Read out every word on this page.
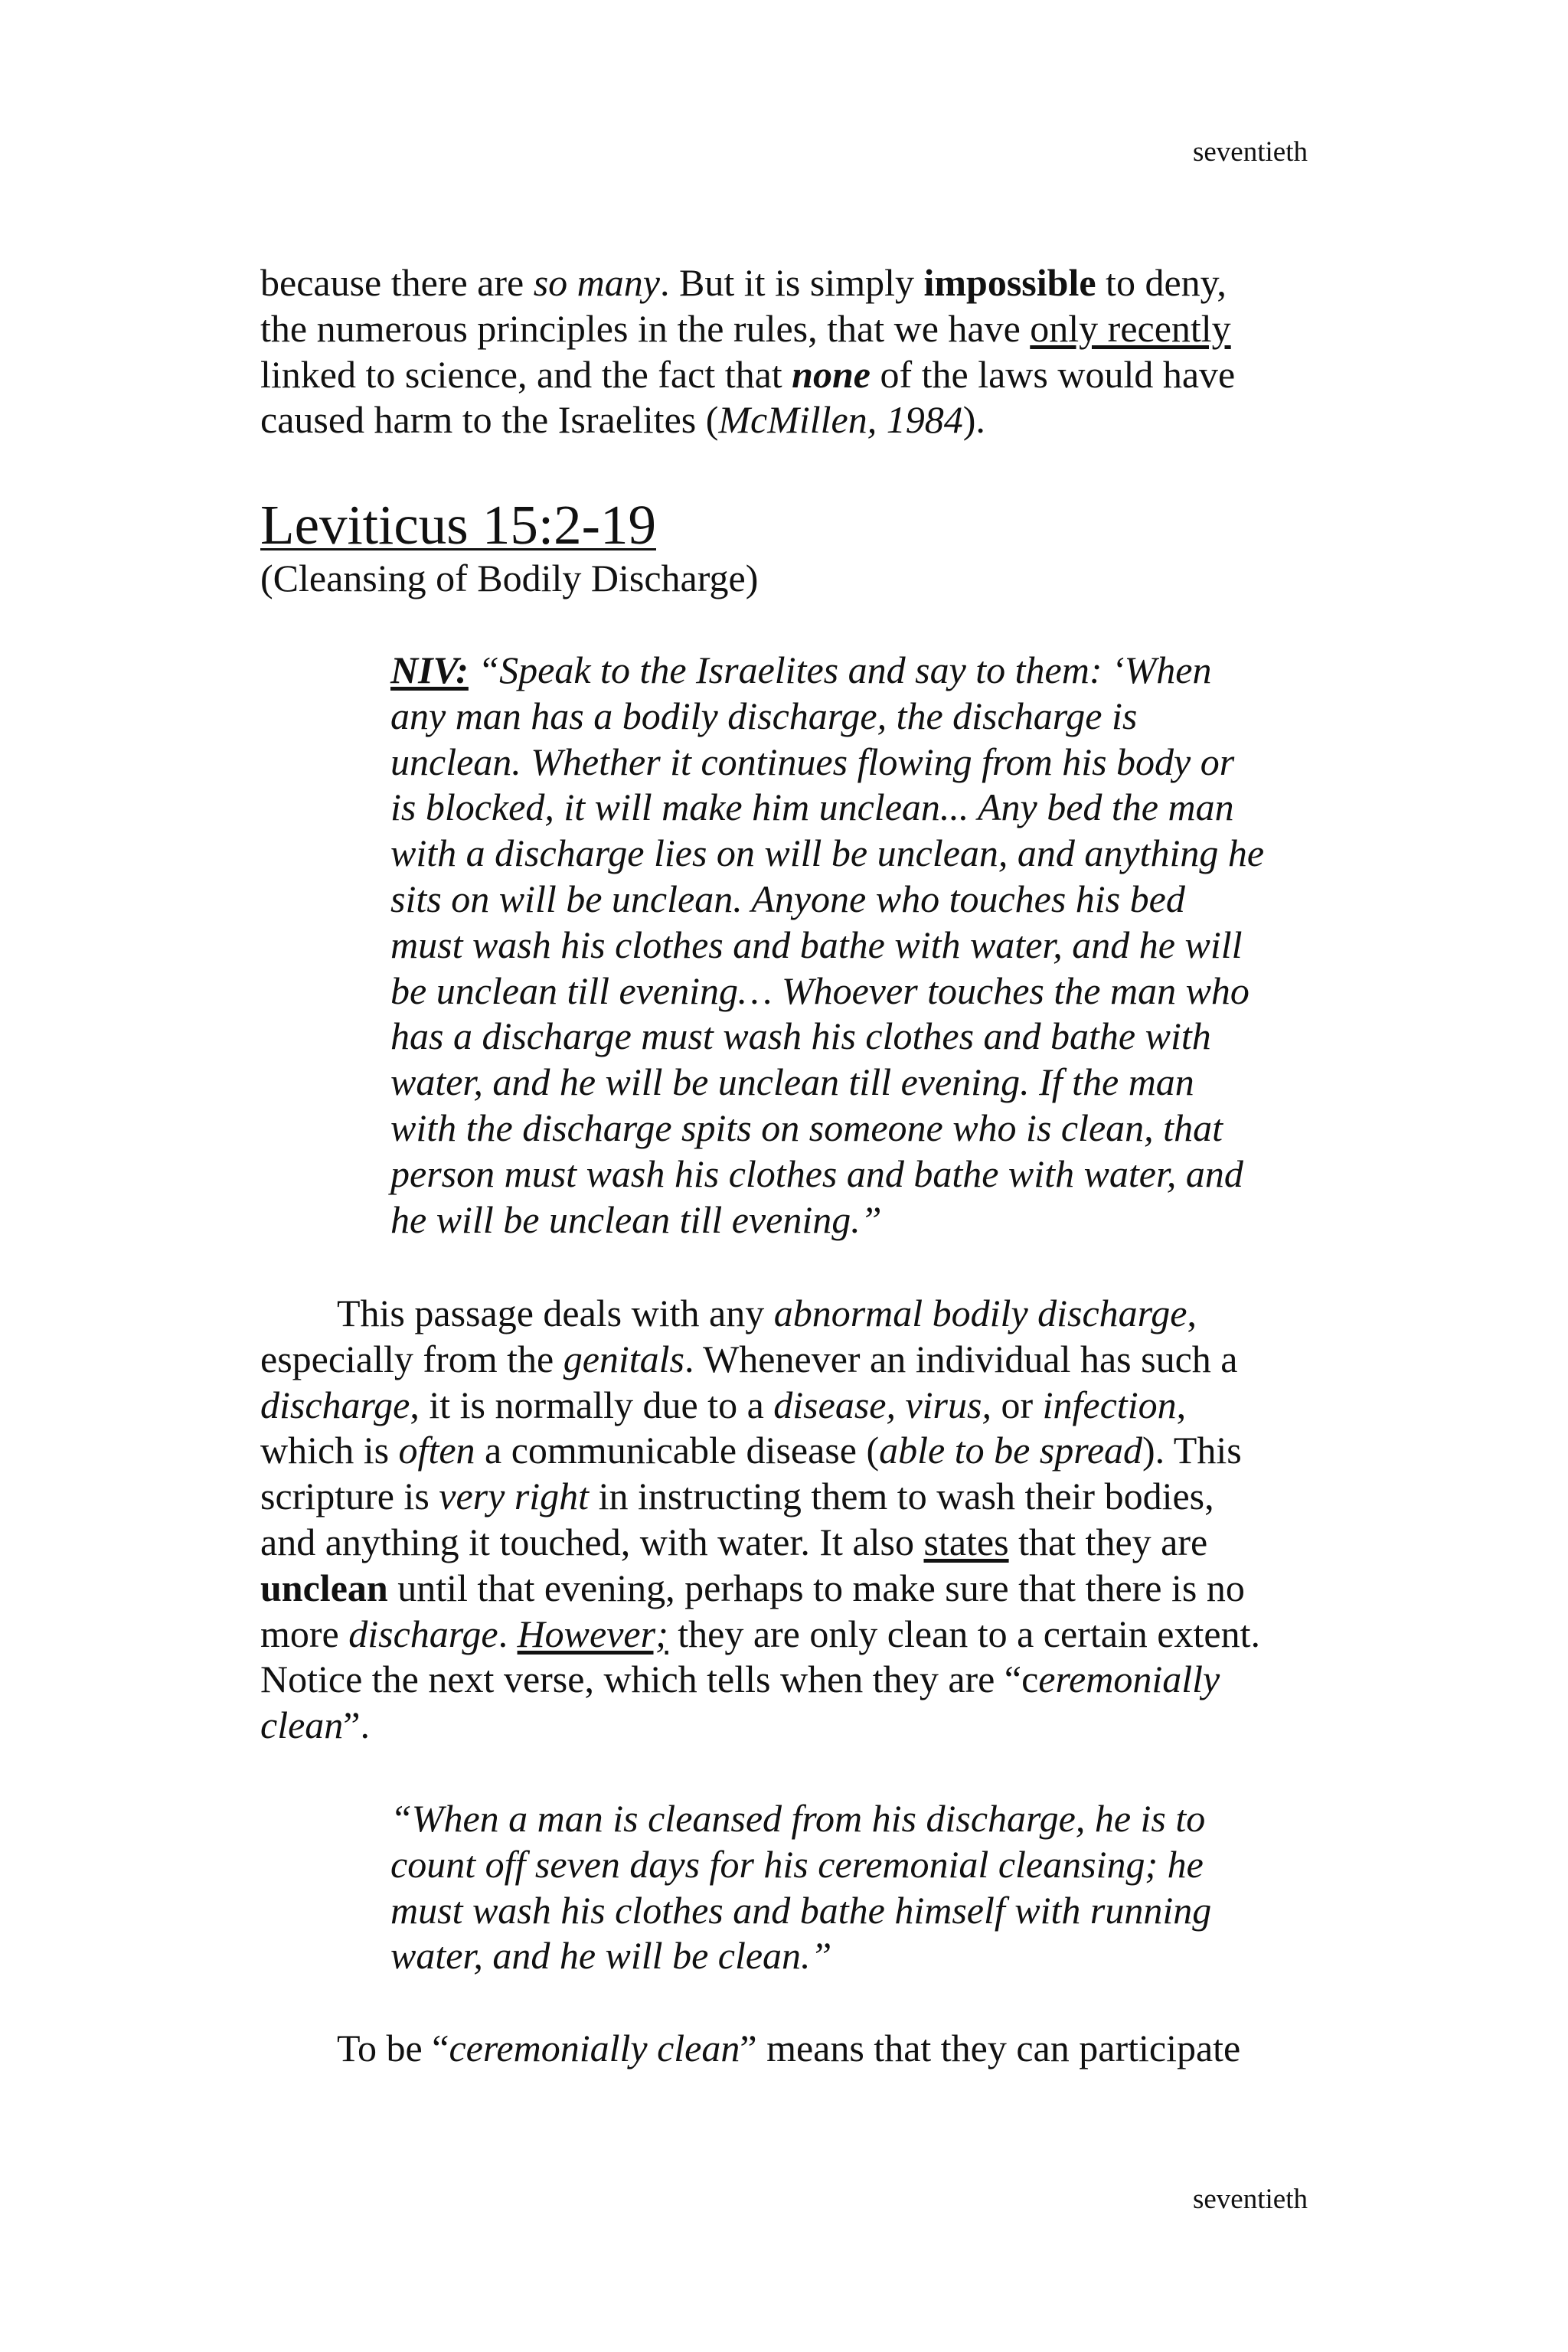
seventieth
because there are so many. But it is simply impossible to deny,
the numerous principles in the rules, that we have only recently
linked to science, and the fact that none of the laws would have
caused harm to the Israelites (McMillen, 1984).
Leviticus 15:2-19
(Cleansing of Bodily Discharge)
NIV: “Speak to the Israelites and say to them: ‘When
any man has a bodily discharge, the discharge is
unclean. Whether it continues flowing from his body or
is blocked, it will make him unclean... Any bed the man
with a discharge lies on will be unclean, and anything he
sits on will be unclean. Anyone who touches his bed
must wash his clothes and bathe with water, and he will
be unclean till evening… Whoever touches the man who
has a discharge must wash his clothes and bathe with
water, and he will be unclean till evening. If the man
with the discharge spits on someone who is clean, that
person must wash his clothes and bathe with water, and
he will be unclean till evening.”
This passage deals with any abnormal bodily discharge,
especially from the genitals. Whenever an individual has such a
discharge, it is normally due to a disease, virus, or infection,
which is often a communicable disease (able to be spread). This
scripture is very right in instructing them to wash their bodies,
and anything it touched, with water. It also states that they are
unclean until that evening, perhaps to make sure that there is no
more discharge. However; they are only clean to a certain extent.
Notice the next verse, which tells when they are “ceremonially
clean”.
“When a man is cleansed from his discharge, he is to
count off seven days for his ceremonial cleansing; he
must wash his clothes and bathe himself with running
water, and he will be clean.”
To be “ceremonially clean” means that they can participate
seventieth
